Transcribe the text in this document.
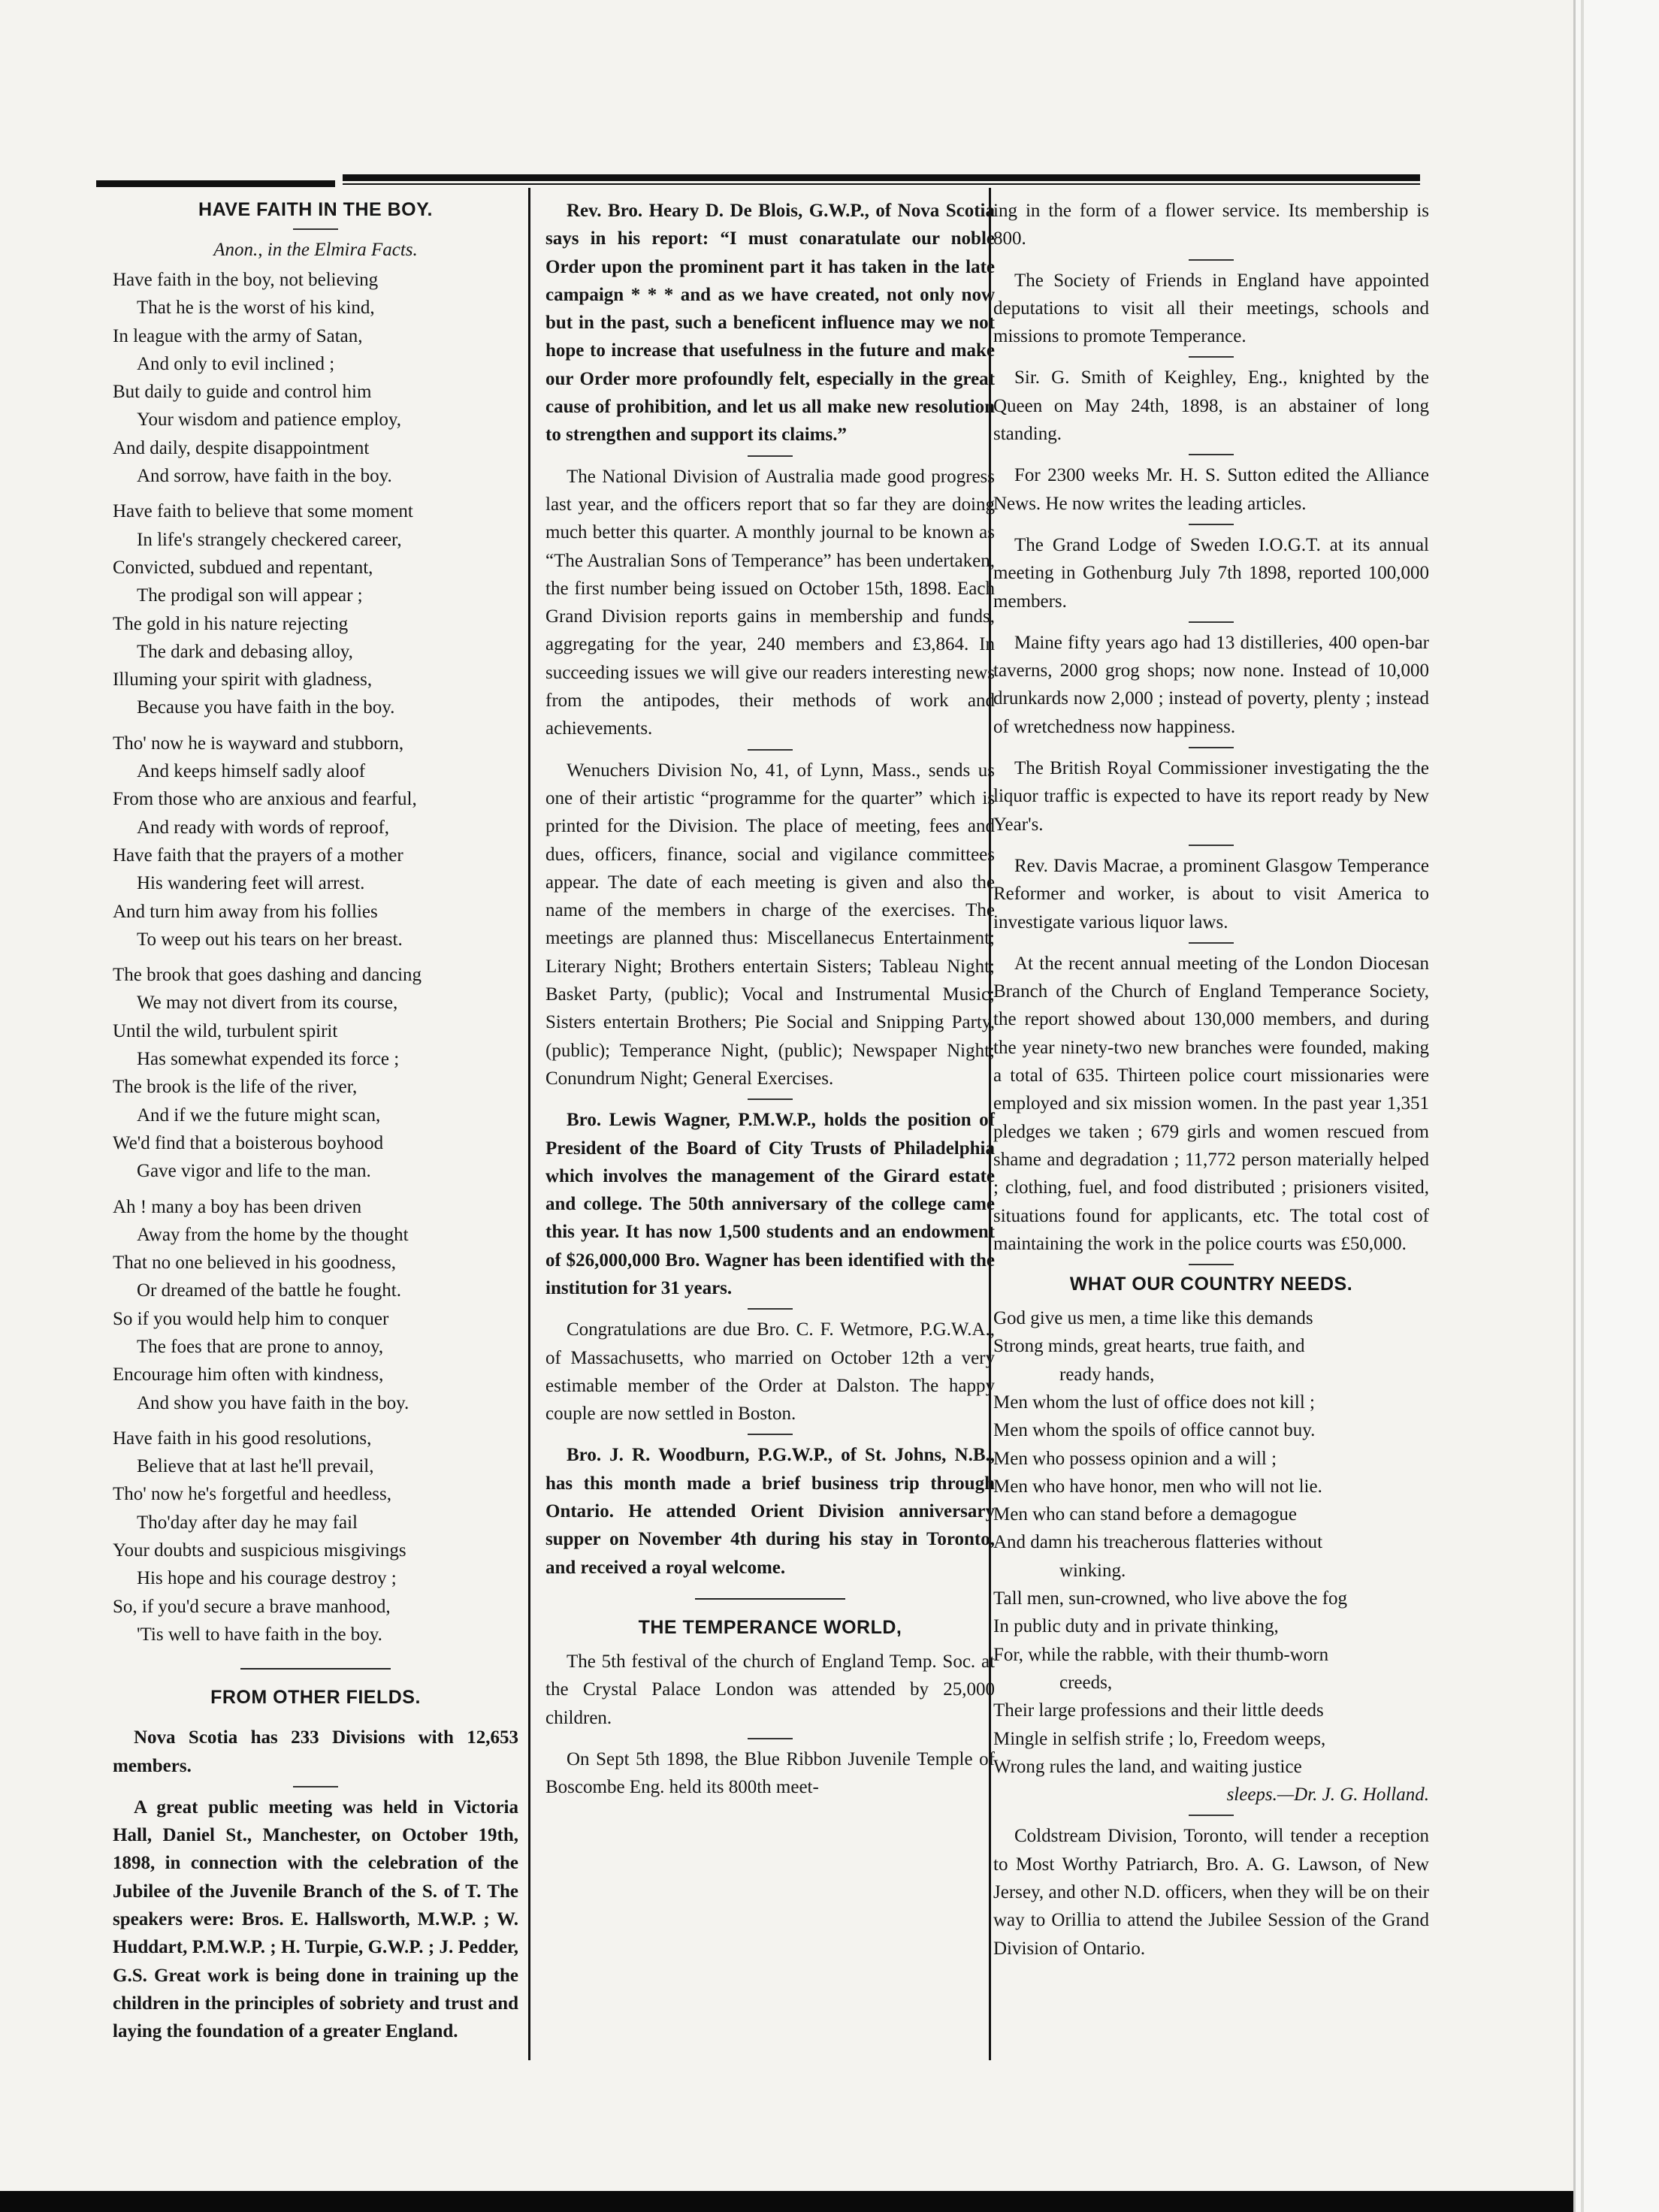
HAVE FAITH IN THE BOY.
Anon., in the Elmira Facts.
Have faith in the boy, not believing
That he is the worst of his kind,
In league with the army of Satan,
And only to evil inclined ;
But daily to guide and control him
Your wisdom and patience employ,
And daily, despite disappointment
And sorrow, have faith in the boy.
Have faith to believe that some moment
In life's strangely checkered career,
Convicted, subdued and repentant,
The prodigal son will appear ;
The gold in his nature rejecting
The dark and debasing alloy,
Illuming your spirit with gladness,
Because you have faith in the boy.
Tho' now he is wayward and stubborn,
And keeps himself sadly aloof
From those who are anxious and fearful,
And ready with words of reproof,
Have faith that the prayers of a mother
His wandering feet will arrest.
And turn him away from his follies
To weep out his tears on her breast.
The brook that goes dashing and dancing
We may not divert from its course,
Until the wild, turbulent spirit
Has somewhat expended its force ;
The brook is the life of the river,
And if we the future might scan,
We'd find that a boisterous boyhood
Gave vigor and life to the man.
Ah ! many a boy has been driven
Away from the home by the thought
That no one believed in his goodness,
Or dreamed of the battle he fought.
So if you would help him to conquer
The foes that are prone to annoy,
Encourage him often with kindness,
And show you have faith in the boy.
Have faith in his good resolutions,
Believe that at last he'll prevail,
Tho' now he's forgetful and heedless,
Tho'day after day he may fail
Your doubts and suspicious misgivings
His hope and his courage destroy ;
So, if you'd secure a brave manhood,
'Tis well to have faith in the boy.
FROM OTHER FIELDS.

Nova Scotia has 233 Divisions with 12,653 members.

A great public meeting was held in Victoria Hall, Daniel St., Manchester, on October 19th, 1898, in connection with the celebration of the Jubilee of the Juvenile Branch of the S. of T. The speakers were: Bros. E. Hallsworth, M.W.P. ; W. Huddart, P.M.W.P. ; H. Turpie, G.W.P. ; J. Pedder, G.S. Great work is being done in training up the children in the principles of sobriety and trust and laying the foundation of a greater England.

Rev. Bro. Heary D. De Blois, G.W.P., of Nova Scotia says in his report: “I must conaratulate our noble Order upon the prominent part it has taken in the late campaign * * * and as we have created, not only now but in the past, such a beneficent influence may we not hope to increase that usefulness in the future and make our Order more profoundly felt, especially in the great cause of prohibition, and let us all make new resolution to strengthen and support its claims.”

The National Division of Australia made good progress last year, and the officers report that so far they are doing much better this quarter. A monthly journal to be known as “The Australian Sons of Temperance” has been undertaken, the first number being issued on October 15th, 1898. Each Grand Division reports gains in membership and funds, aggregating for the year, 240 members and £3,864. In succeeding issues we will give our readers interesting news from the antipodes, their methods of work and achievements.

Wenuchers Division No, 41, of Lynn, Mass., sends us one of their artistic “programme for the quarter” which is printed for the Division. The place of meeting, fees and dues, officers, finance, social and vigilance committees appear. The date of each meeting is given and also the name of the members in charge of the exercises. The meetings are planned thus: Miscellanecus Entertainment; Literary Night; Brothers entertain Sisters; Tableau Night; Basket Party, (public); Vocal and Instrumental Music; Sisters entertain Brothers; Pie Social and Snipping Party, (public); Temperance Night, (public); Newspaper Night; Conundrum Night; General Exercises.

Bro. Lewis Wagner, P.M.W.P., holds the position of President of the Board of City Trusts of Philadelphia which involves the management of the Girard estate and college. The 50th anniversary of the college came this year. It has now 1,500 students and an endowment of $26,000,000 Bro. Wagner has been identified with the institution for 31 years.

Congratulations are due Bro. C. F. Wetmore, P.G.W.A., of Massachusetts, who married on October 12th a very estimable member of the Order at Dalston. The happy couple are now settled in Boston.

Bro. J. R. Woodburn, P.G.W.P., of St. Johns, N.B., has this month made a brief business trip through Ontario. He attended Orient Division anniversary supper on November 4th during his stay in Toronto, and received a royal welcome.

THE TEMPERANCE WORLD,

The 5th festival of the church of England Temp. Soc. at the Crystal Palace London was attended by 25,000 children.

On Sept 5th 1898, the Blue Ribbon Juvenile Temple of Boscombe Eng. held its 800th meet-

ing in the form of a flower service. Its membership is 800.

The Society of Friends in England have appointed deputations to visit all their meetings, schools and missions to promote Temperance.

Sir. G. Smith of Keighley, Eng., knighted by the Queen on May 24th, 1898, is an abstainer of long standing.

For 2300 weeks Mr. H. S. Sutton edited the Alliance News. He now writes the leading articles.

The Grand Lodge of Sweden I.O.G.T. at its annual meeting in Gothenburg July 7th 1898, reported 100,000 members.

Maine fifty years ago had 13 distilleries, 400 open-bar taverns, 2000 grog shops; now none. Instead of 10,000 drunkards now 2,000 ; instead of poverty, plenty ; instead of wretchedness now happiness.

The British Royal Commissioner investigating the the liquor traffic is expected to have its report ready by New Year's.

Rev. Davis Macrae, a prominent Glasgow Temperance Reformer and worker, is about to visit America to investigate various liquor laws.

At the recent annual meeting of the London Diocesan Branch of the Church of England Temperance Society, the report showed about 130,000 members, and during the year ninety-two new branches were founded, making a total of 635. Thirteen police court missionaries were employed and six mission women. In the past year 1,351 pledges we taken ; 679 girls and women rescued from shame and degradation ; 11,772 person materially helped ; clothing, fuel, and food distributed ; prisioners visited, situations found for applicants, etc. The total cost of maintaining the work in the police courts was £50,000.

WHAT OUR COUNTRY NEEDS.
God give us men, a time like this demands
Strong minds, great hearts, true faith, and
ready hands,
Men whom the lust of office does not kill ;
Men whom the spoils of office cannot buy.
Men who possess opinion and a will ;
Men who have honor, men who will not lie.
Men who can stand before a demagogue
And damn his treacherous flatteries without
winking.
Tall men, sun-crowned, who live above the fog
In public duty and in private thinking,
For, while the rabble, with their thumb-worn
creeds,
Their large professions and their little deeds
Mingle in selfish strife ; lo, Freedom weeps,
Wrong rules the land, and waiting justice
sleeps.—Dr. J. G. Holland.

Coldstream Division, Toronto, will tender a reception to Most Worthy Patriarch, Bro. A. G. Lawson, of New Jersey, and other N.D. officers, when they will be on their way to Orillia to attend the Jubilee Session of the Grand Division of Ontario.
